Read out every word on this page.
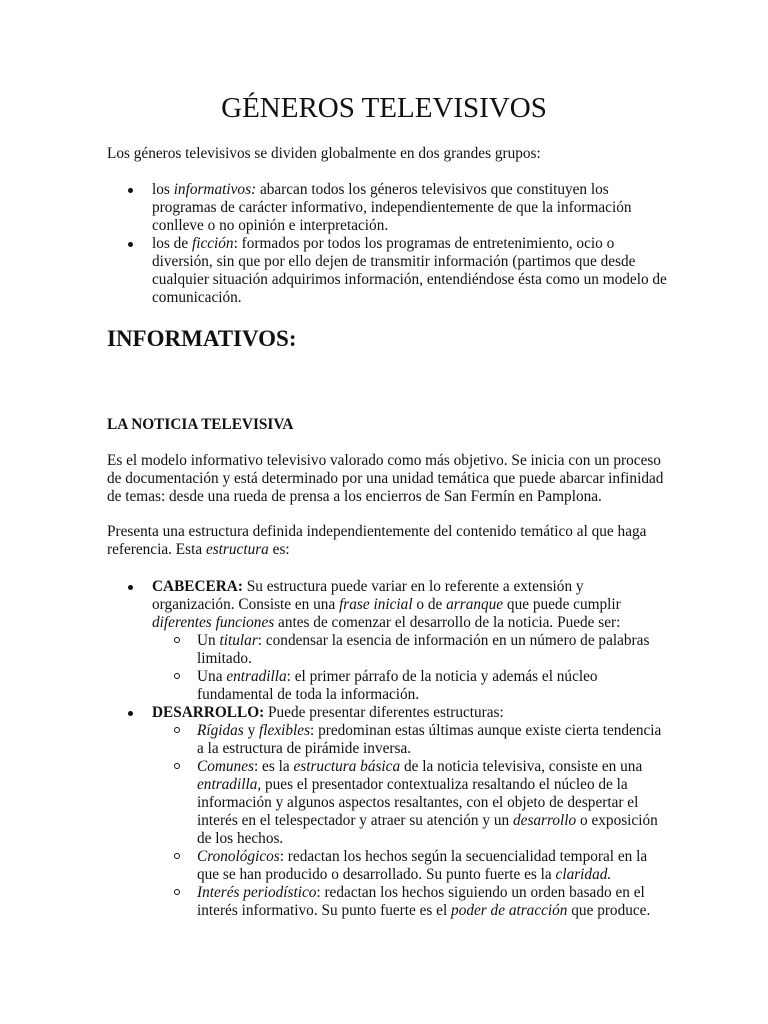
GÉNEROS TELEVISIVOS

Los géneros televisivos se dividen globalmente en dos grandes grupos:

los informativos: abarcan todos los géneros televisivos que constituyen los programas de carácter informativo, independientemente de que la información conlleve o no opinión e interpretación.
los de ficción: formados por todos los programas de entretenimiento, ocio o diversión, sin que por ello dejen de transmitir información (partimos que desde cualquier situación adquirimos información, entendiéndose ésta como un modelo de comunicación.
INFORMATIVOS:
LA NOTICIA TELEVISIVA

Es el modelo informativo televisivo valorado como más objetivo. Se inicia con un proceso de documentación y está determinado por una unidad temática que puede abarcar infinidad de temas: desde una rueda de prensa a los encierros de San Fermín en Pamplona.

Presenta una estructura definida independientemente del contenido temático al que haga referencia. Esta estructura es:

CABECERA: Su estructura puede variar en lo referente a extensión y organización. Consiste en una frase inicial o de arranque que puede cumplir diferentes funciones antes de comenzar el desarrollo de la noticia. Puede ser:
Un titular: condensar la esencia de información en un número de palabras limitado.
Una entradilla: el primer párrafo de la noticia y además el núcleo fundamental de toda la información.
DESARROLLO: Puede presentar diferentes estructuras:
Rígidas y flexibles: predominan estas últimas aunque existe cierta tendencia a la estructura de pirámide inversa.
Comunes: es la estructura básica de la noticia televisiva, consiste en una entradilla, pues el presentador contextualiza resaltando el núcleo de la información y algunos aspectos resaltantes, con el objeto de despertar el interés en el telespectador y atraer su atención y un desarrollo o exposición de los hechos.
Cronológicos: redactan los hechos según la secuencialidad temporal en la que se han producido o desarrollado. Su punto fuerte es la claridad.
Interés periodístico: redactan los hechos siguiendo un orden basado en el interés informativo. Su punto fuerte es el poder de atracción que produce.
